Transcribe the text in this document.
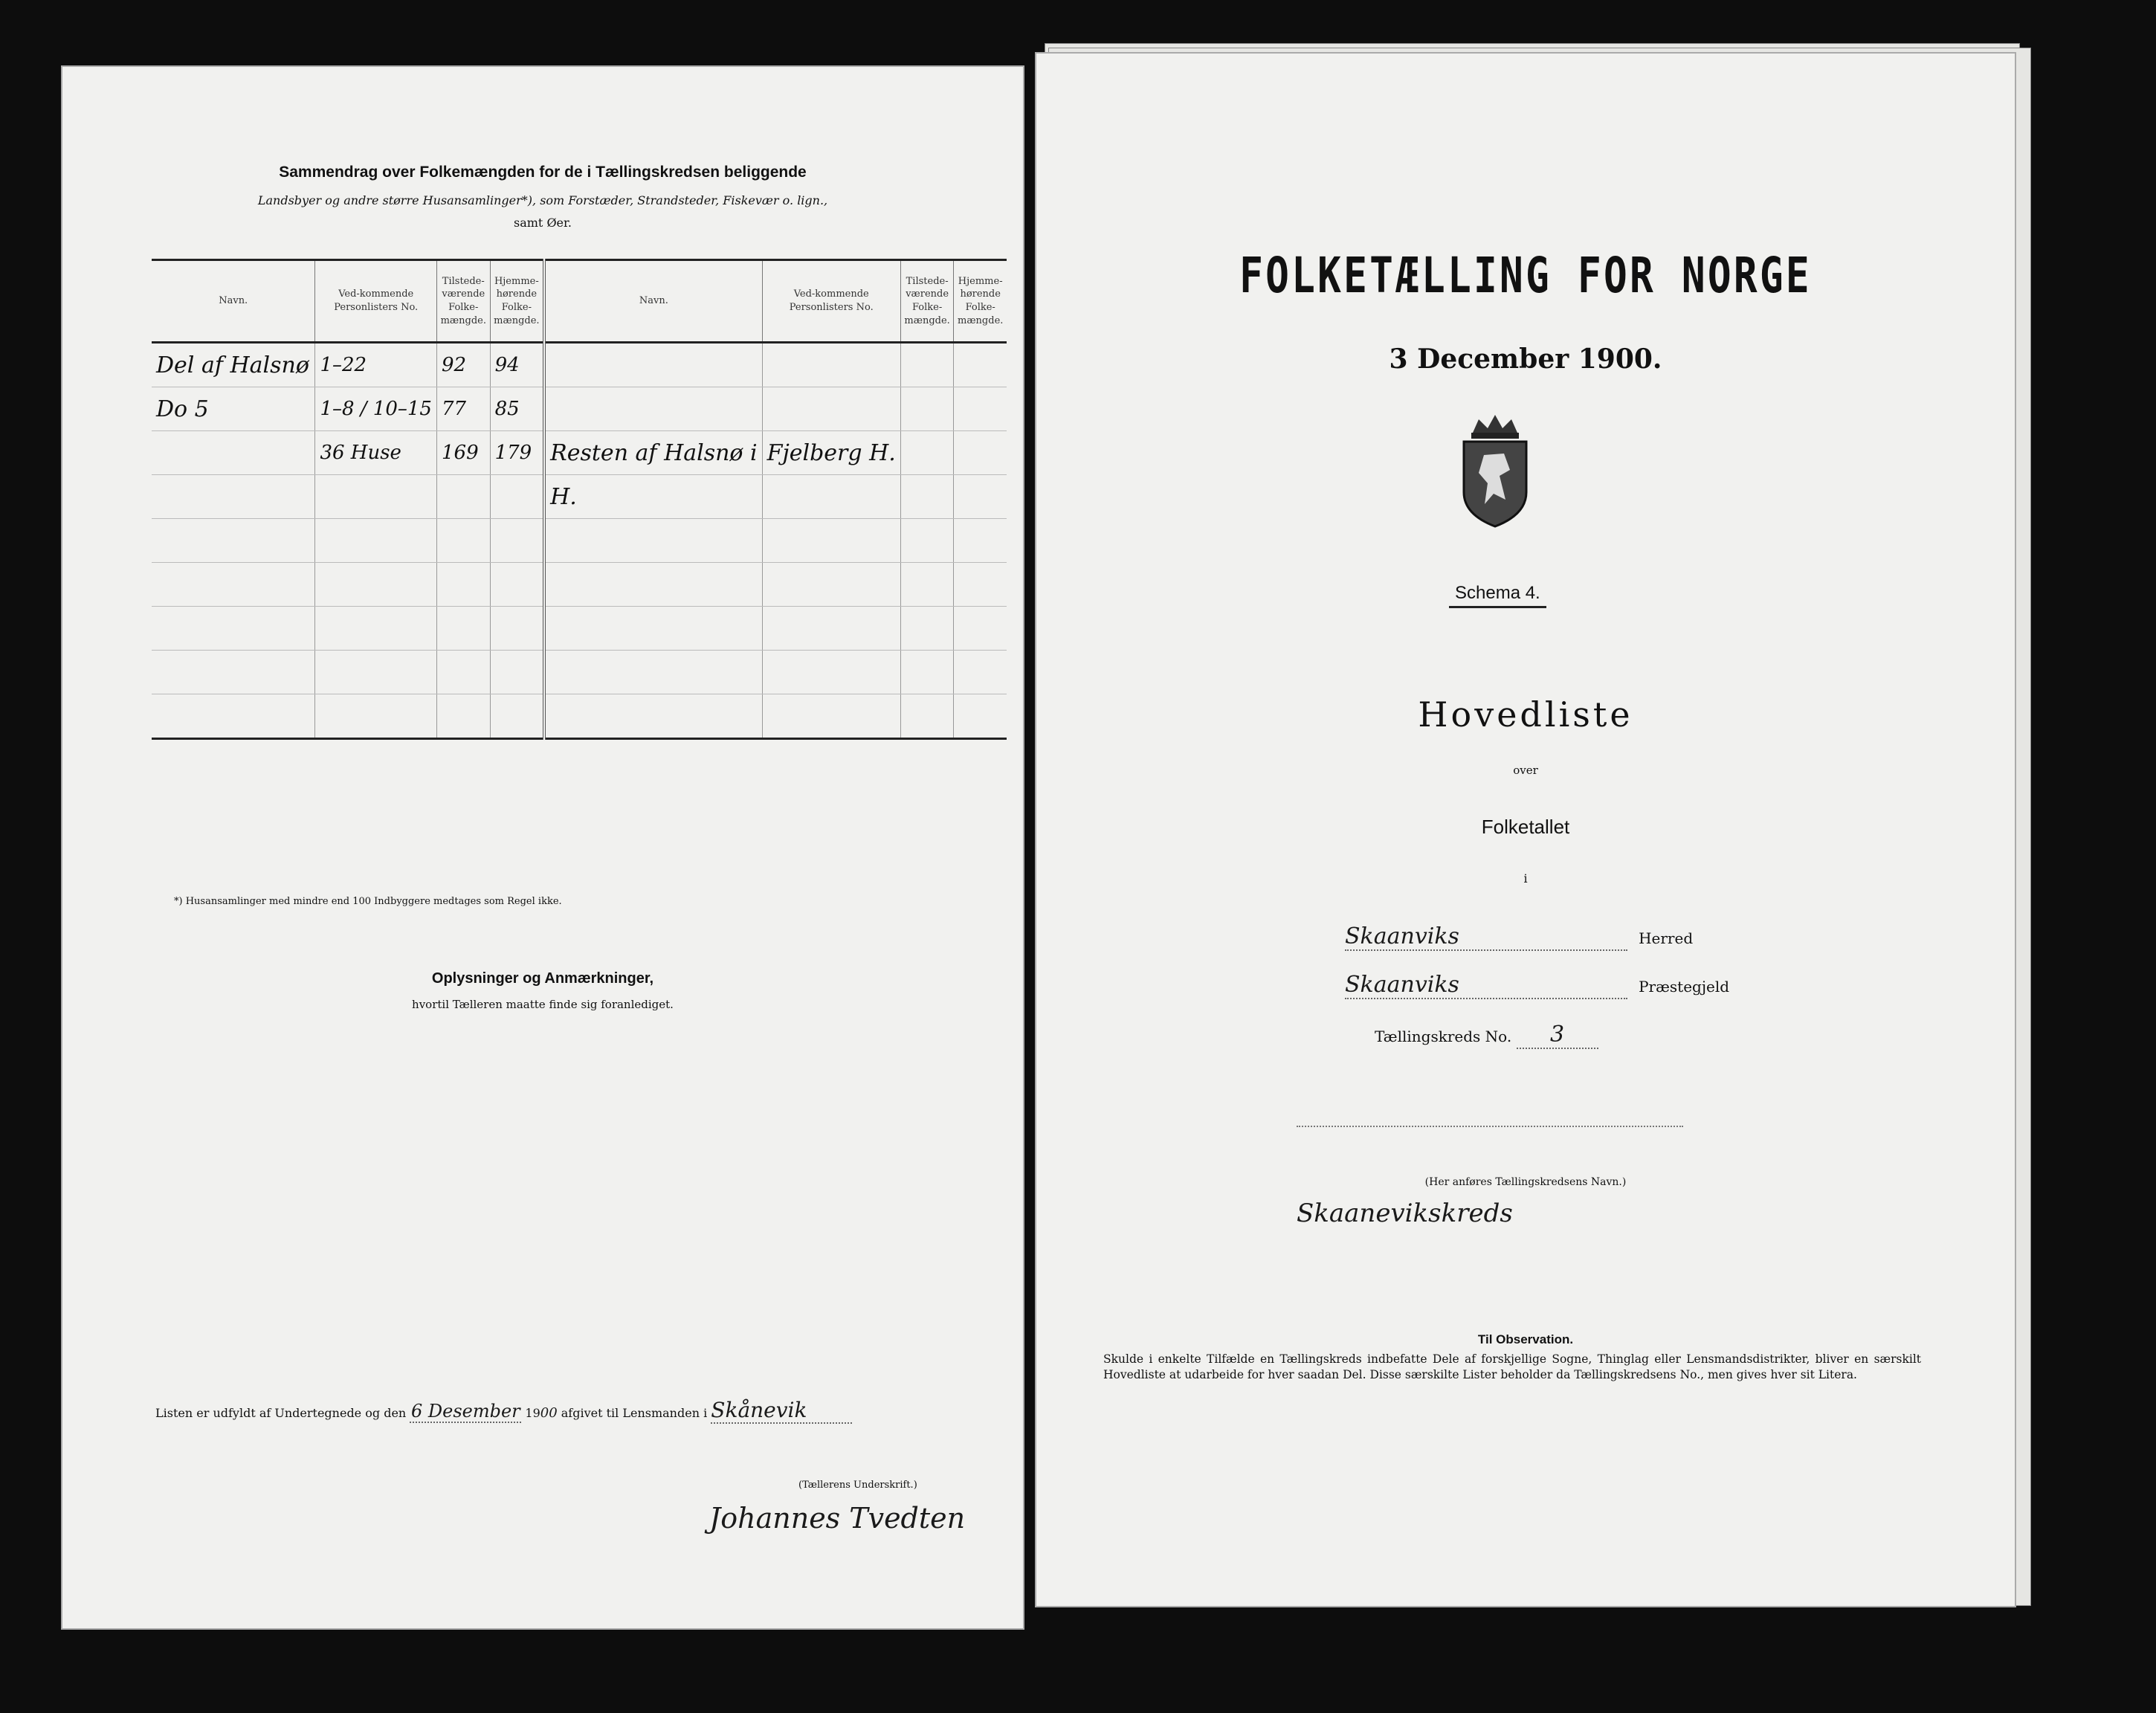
Sammendrag over Folkemængden for de i Tællingskredsen beliggende
Landsbyer og andre større Husansamlinger*), som Forstæder, Strandsteder, Fiskevær o. lign.,
samt Øer.
Navn.	Ved-kommende Personlisters No.	Tilstede-værende Folke-mængde.	Hjemme-hørende Folke-mængde.	Navn.	Ved-kommende Personlisters No.	Tilstede-værende Folke-mængde.	Hjemme-hørende Folke-mængde.
Del af Halsnø	1–22	92	94				
Do 5	1–8 / 10–15	77	85				
	36 Huse	169	179	Resten af Halsnø i	Fjelberg H.		
				H.			

*) Husansamlinger med mindre end 100 Indbyggere medtages som Regel ikke.
Oplysninger og Anmærkninger,
hvortil Tælleren maatte finde sig foranlediget.
Listen er udfyldt af Undertegnede og den 6 Desember 1900 afgivet til Lensmanden i Skånevik
(Tællerens Underskrift.)
Johannes Tvedten
FOLKETÆLLING FOR NORGE
3 December 1900.
Schema 4.
Hovedliste
over
Folketallet
i
Skaanviks	Herred
Skaanviks	Præstegjeld
Tællingskreds No. 3
(Her anføres Tællingskredsens Navn.)
Skaanevikskreds
Til Observation.
Skulde i enkelte Tilfælde en Tællingskreds indbefatte Dele af forskjellige Sogne, Thinglag eller Lensmandsdistrikter, bliver en særskilt Hovedliste at udarbeide for hver saadan Del. Disse særskilte Lister beholder da Tællingskredsens No., men gives hver sit Litera.
